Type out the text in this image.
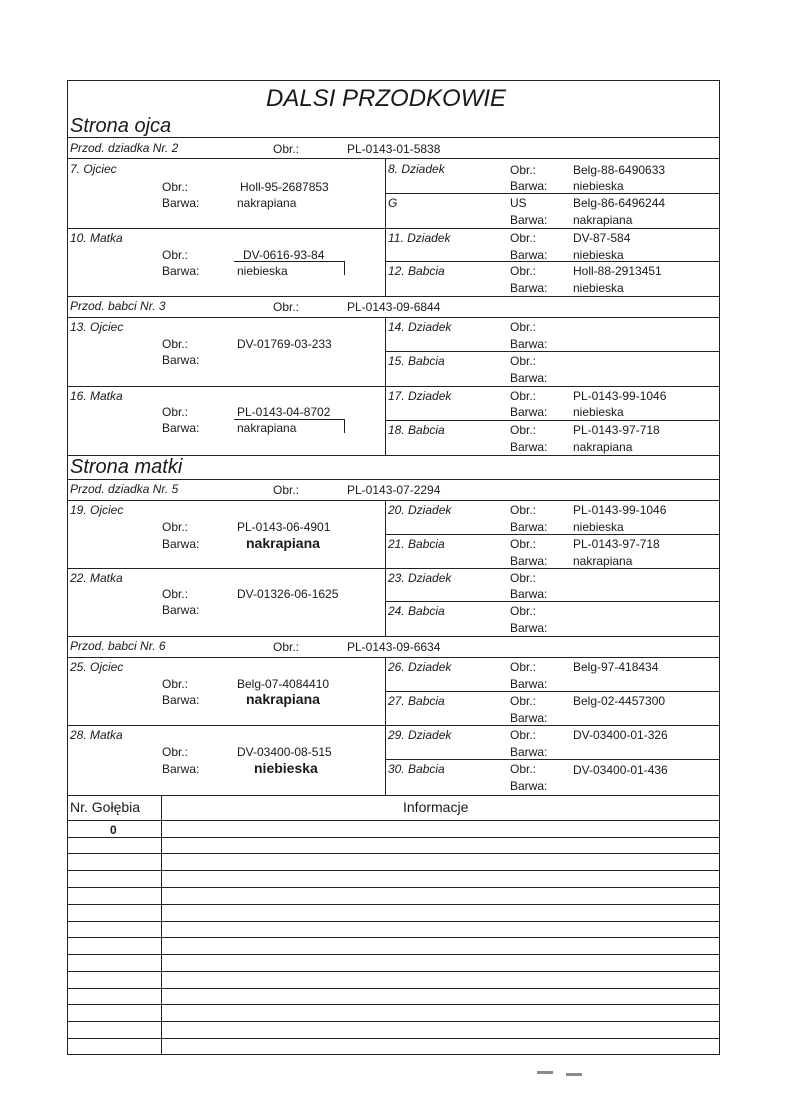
DALSI PRZODKOWIE
Strona ojca
Przod. dziadka Nr. 2	Obr.:	PL-0143-01-5838
7. Ojciec
Obr.:	Holl-95-2687853
Barwa:	nakrapiana
8. Dziadek	Obr.:	Belg-88-6490633
Barwa: niebieska
G	US	Belg-86-6496244
Barwa: nakrapiana
10. Matka
Obr.:	DV-0616-93-84
Barwa:	niebieska
11. Dziadek	Obr.:	DV-87-584
Barwa: niebieska
12. Babcia	Obr.:	Holl-88-2913451
Barwa: niebieska
Przod. babci Nr. 3	Obr.:	PL-0143-09-6844
13. Ojciec
Obr.:	DV-01769-03-233
Barwa:
14. Dziadek	Obr.:
Barwa:
15. Babcia	Obr.:
Barwa:
16. Matka
Obr.:	PL-0143-04-8702
Barwa:	nakrapiana
17. Dziadek	Obr.:	PL-0143-99-1046
Barwa: niebieska
18. Babcia	Obr.:	PL-0143-97-718
Barwa: nakrapiana
Strona matki
Przod. dziadka Nr. 5	Obr.:	PL-0143-07-2294
19. Ojciec
Obr.:	PL-0143-06-4901
Barwa:	nakrapiana
20. Dziadek	Obr.:	PL-0143-99-1046
Barwa: niebieska
21. Babcia	Obr.:	PL-0143-97-718
Barwa: nakrapiana
22. Matka
Obr.:	DV-01326-06-1625
Barwa:
23. Dziadek	Obr.:
Barwa:
24. Babcia	Obr.:
Barwa:
Przod. babci Nr. 6	Obr.:	PL-0143-09-6634
25. Ojciec
Obr.:	Belg-07-4084410
Barwa:	nakrapiana
26. Dziadek	Obr.:	Belg-97-418434
Barwa:
27. Babcia	Obr.:	Belg-02-4457300
Barwa:
28. Matka
Obr.:	DV-03400-08-515
Barwa:	niebieska
29. Dziadek	Obr.:	DV-03400-01-326
Barwa:
30. Babcia	Obr.:	DV-03400-01-436
Barwa:
Nr. Gołębia	Informacje
0
